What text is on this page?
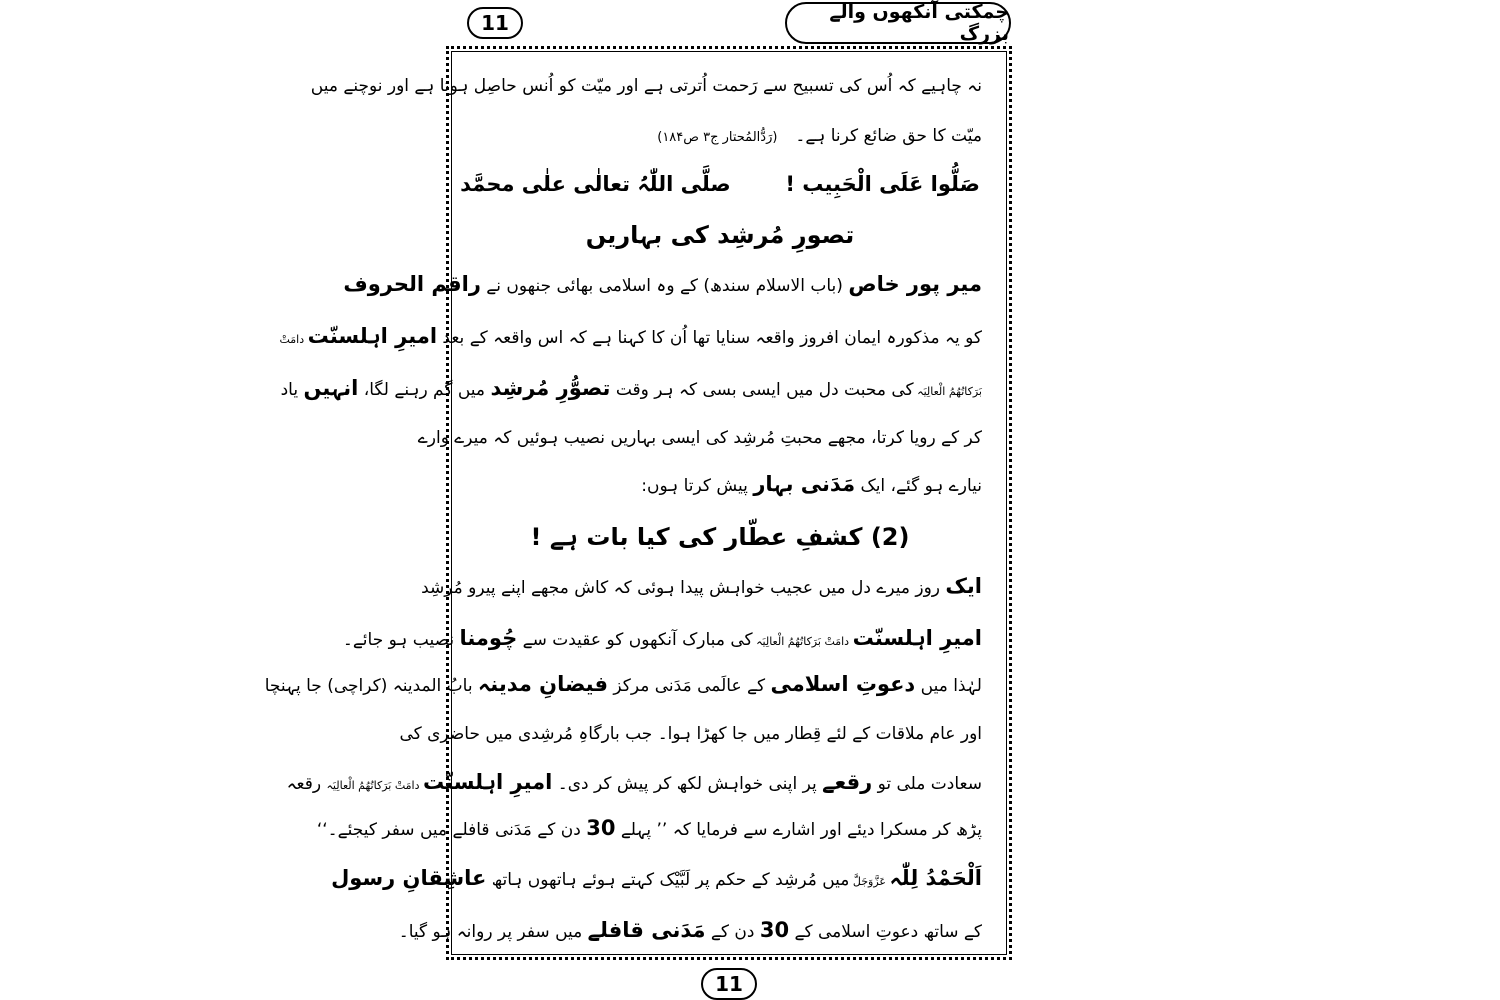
11	چمکتی آنکھوں والے بزرگ
نہ چاہیے کہ اُس کی تسبیح سے رَحمت اُترتی ہے اور میّت کو اُنس حاصِل ہوتا ہے اور نوچنے میں
میّت کا حق ضائع کرنا ہے۔(رَدُّالمُحتار ج۳ ص۱۸۴)
صَلُّوا عَلَی الْحَبِیب !  صلَّی اللّٰہُ تعالٰی علٰی محمَّد
تصورِ مُرشِد کی بہاریں
میر پور خاص (باب الاسلام سندھ) کے وہ اسلامی بھائی جنھوں نے راقم الحروف
کو یہ مذکورہ ایمان افروز واقعہ سنایا تھا اُن کا کہنا ہے کہ اس واقعہ کے بعد امیرِ اہلسنّت دامَتْ
بَرَکاتُھُمُ الْعالِیَہ کی محبت دل میں ایسی بسی کہ ہر وقت تصوُّرِ مُرشِد میں گم رہنے لگا، انہیں یاد
کر کے رویا کرتا، مجھے محبتِ مُرشِد کی ایسی بہاریں نصیب ہوئیں کہ میرے وارے
نیارے ہو گئے، ایک مَدَنی بہار پیش کرتا ہوں:
(2) کشفِ عطّار کی کیا بات ہے !
ایک روز میرے دل میں عجیب خواہش پیدا ہوئی کہ کاش مجھے اپنے پیرو مُرشِد
امیرِ اہلسنّت دامَتْ بَرَکاتُھُمُ الْعالِیَہ کی مبارک آنکھوں کو عقیدت سے چُومنا نصیب ہو جائے۔
لہٰذا میں دعوتِ اسلامی کے عالَمی مَدَنی مرکز فیضانِ مدینہ بابُ المدینہ (کراچی) جا پہنچا
اور عام ملاقات کے لئے قِطار میں جا کھڑا ہوا۔ جب بارگاہِ مُرشِدی میں حاضری کی
سعادت ملی تو رقعے پر اپنی خواہش لکھ کر پیش کر دی۔ امیرِ اہلسنّت دامَتْ بَرَکاتُھُمُ الْعالِیَہ رقعہ
پڑھ کر مسکرا دیئے اور اشارے سے فرمایا کہ ’’ پہلے 30 دن کے مَدَنی قافلے میں سفر کیجئے۔‘‘
اَلْحَمْدُ لِلّٰہ عَزَّوَجَلَّ میں مُرشِد کے حکم پر لَبَّیْک کہتے ہوئے ہاتھوں ہاتھ عاشِقانِ رسول
کے ساتھ دعوتِ اسلامی کے 30 دن کے مَدَنی قافلے میں سفر پر روانہ ہو گیا۔
11
